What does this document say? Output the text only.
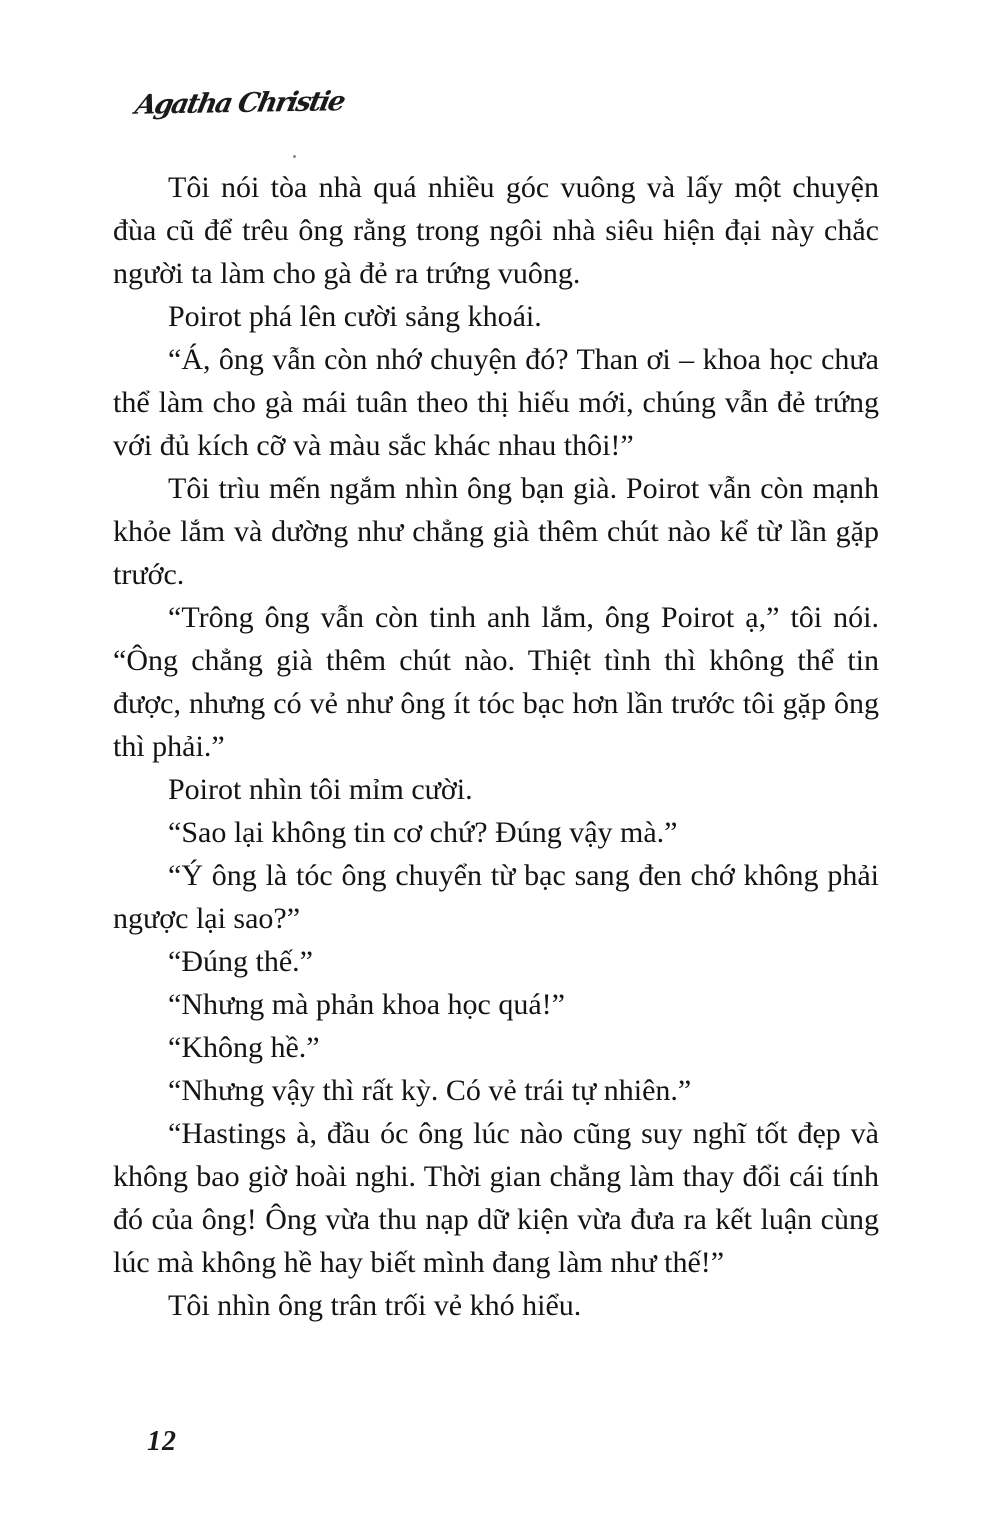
Agatha Christie

Tôi nói tòa nhà quá nhiều góc vuông và lấy một chuyện đùa cũ để trêu ông rằng trong ngôi nhà siêu hiện đại này chắc người ta làm cho gà đẻ ra trứng vuông.

Poirot phá lên cười sảng khoái.

“Á, ông vẫn còn nhớ chuyện đó? Than ơi – khoa học chưa thể làm cho gà mái tuân theo thị hiếu mới, chúng vẫn đẻ trứng với đủ kích cỡ và màu sắc khác nhau thôi!”

Tôi trìu mến ngắm nhìn ông bạn già. Poirot vẫn còn mạnh khỏe lắm và dường như chẳng già thêm chút nào kể từ lần gặp trước.

“Trông ông vẫn còn tinh anh lắm, ông Poirot ạ,” tôi nói. “Ông chẳng già thêm chút nào. Thiệt tình thì không thể tin được, nhưng có vẻ như ông ít tóc bạc hơn lần trước tôi gặp ông thì phải.”

Poirot nhìn tôi mỉm cười.

“Sao lại không tin cơ chứ? Đúng vậy mà.”

“Ý ông là tóc ông chuyển từ bạc sang đen chớ không phải ngược lại sao?”

“Đúng thế.”

“Nhưng mà phản khoa học quá!”

“Không hề.”

“Nhưng vậy thì rất kỳ. Có vẻ trái tự nhiên.”

“Hastings à, đầu óc ông lúc nào cũng suy nghĩ tốt đẹp và không bao giờ hoài nghi. Thời gian chẳng làm thay đổi cái tính đó của ông! Ông vừa thu nạp dữ kiện vừa đưa ra kết luận cùng lúc mà không hề hay biết mình đang làm như thế!”

Tôi nhìn ông trân trối vẻ khó hiểu.

12
